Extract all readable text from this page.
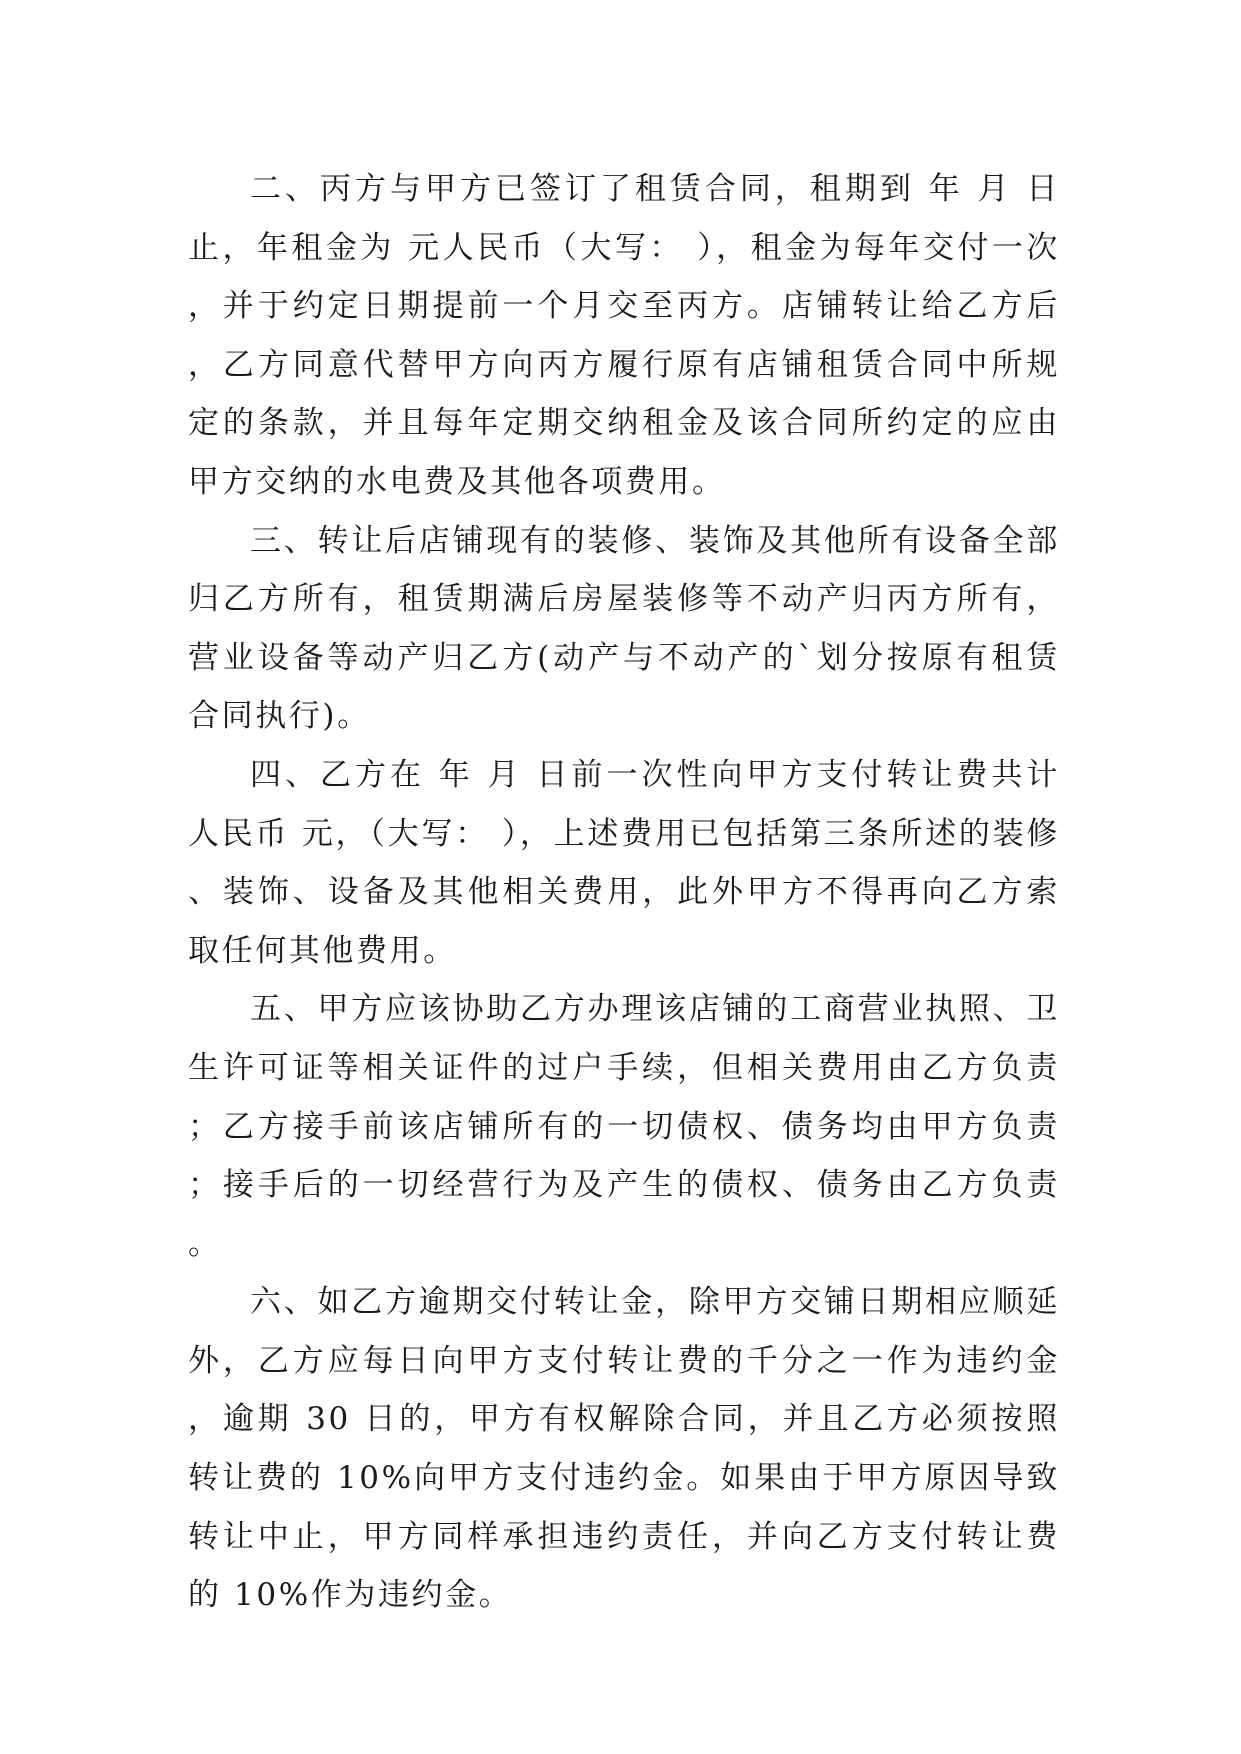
二、丙方与甲方已签订了租赁合同，租期到 年 月 日止，年租金为 元人民币（大写： ），租金为每年交付一次，并于约定日期提前一个月交至丙方。店铺转让给乙方后，乙方同意代替甲方向丙方履行原有店铺租赁合同中所规定的条款，并且每年定期交纳租金及该合同所约定的应由甲方交纳的水电费及其他各项费用。

三、转让后店铺现有的装修、装饰及其他所有设备全部归乙方所有，租赁期满后房屋装修等不动产归丙方所有，营业设备等动产归乙方(动产与不动产的`划分按原有租赁合同执行)。

四、乙方在 年 月 日前一次性向甲方支付转让费共计人民币 元，（大写： ），上述费用已包括第三条所述的装修、装饰、设备及其他相关费用，此外甲方不得再向乙方索取任何其他费用。

五、甲方应该协助乙方办理该店铺的工商营业执照、卫生许可证等相关证件的过户手续，但相关费用由乙方负责；乙方接手前该店铺所有的一切债权、债务均由甲方负责；接手后的一切经营行为及产生的债权、债务由乙方负责。

六、如乙方逾期交付转让金，除甲方交铺日期相应顺延外，乙方应每日向甲方支付转让费的千分之一作为违约金，逾期 30 日的，甲方有权解除合同，并且乙方必须按照转让费的 10%向甲方支付违约金。如果由于甲方原因导致转让中止，甲方同样承担违约责任，并向乙方支付转让费的 10%作为违约金。
